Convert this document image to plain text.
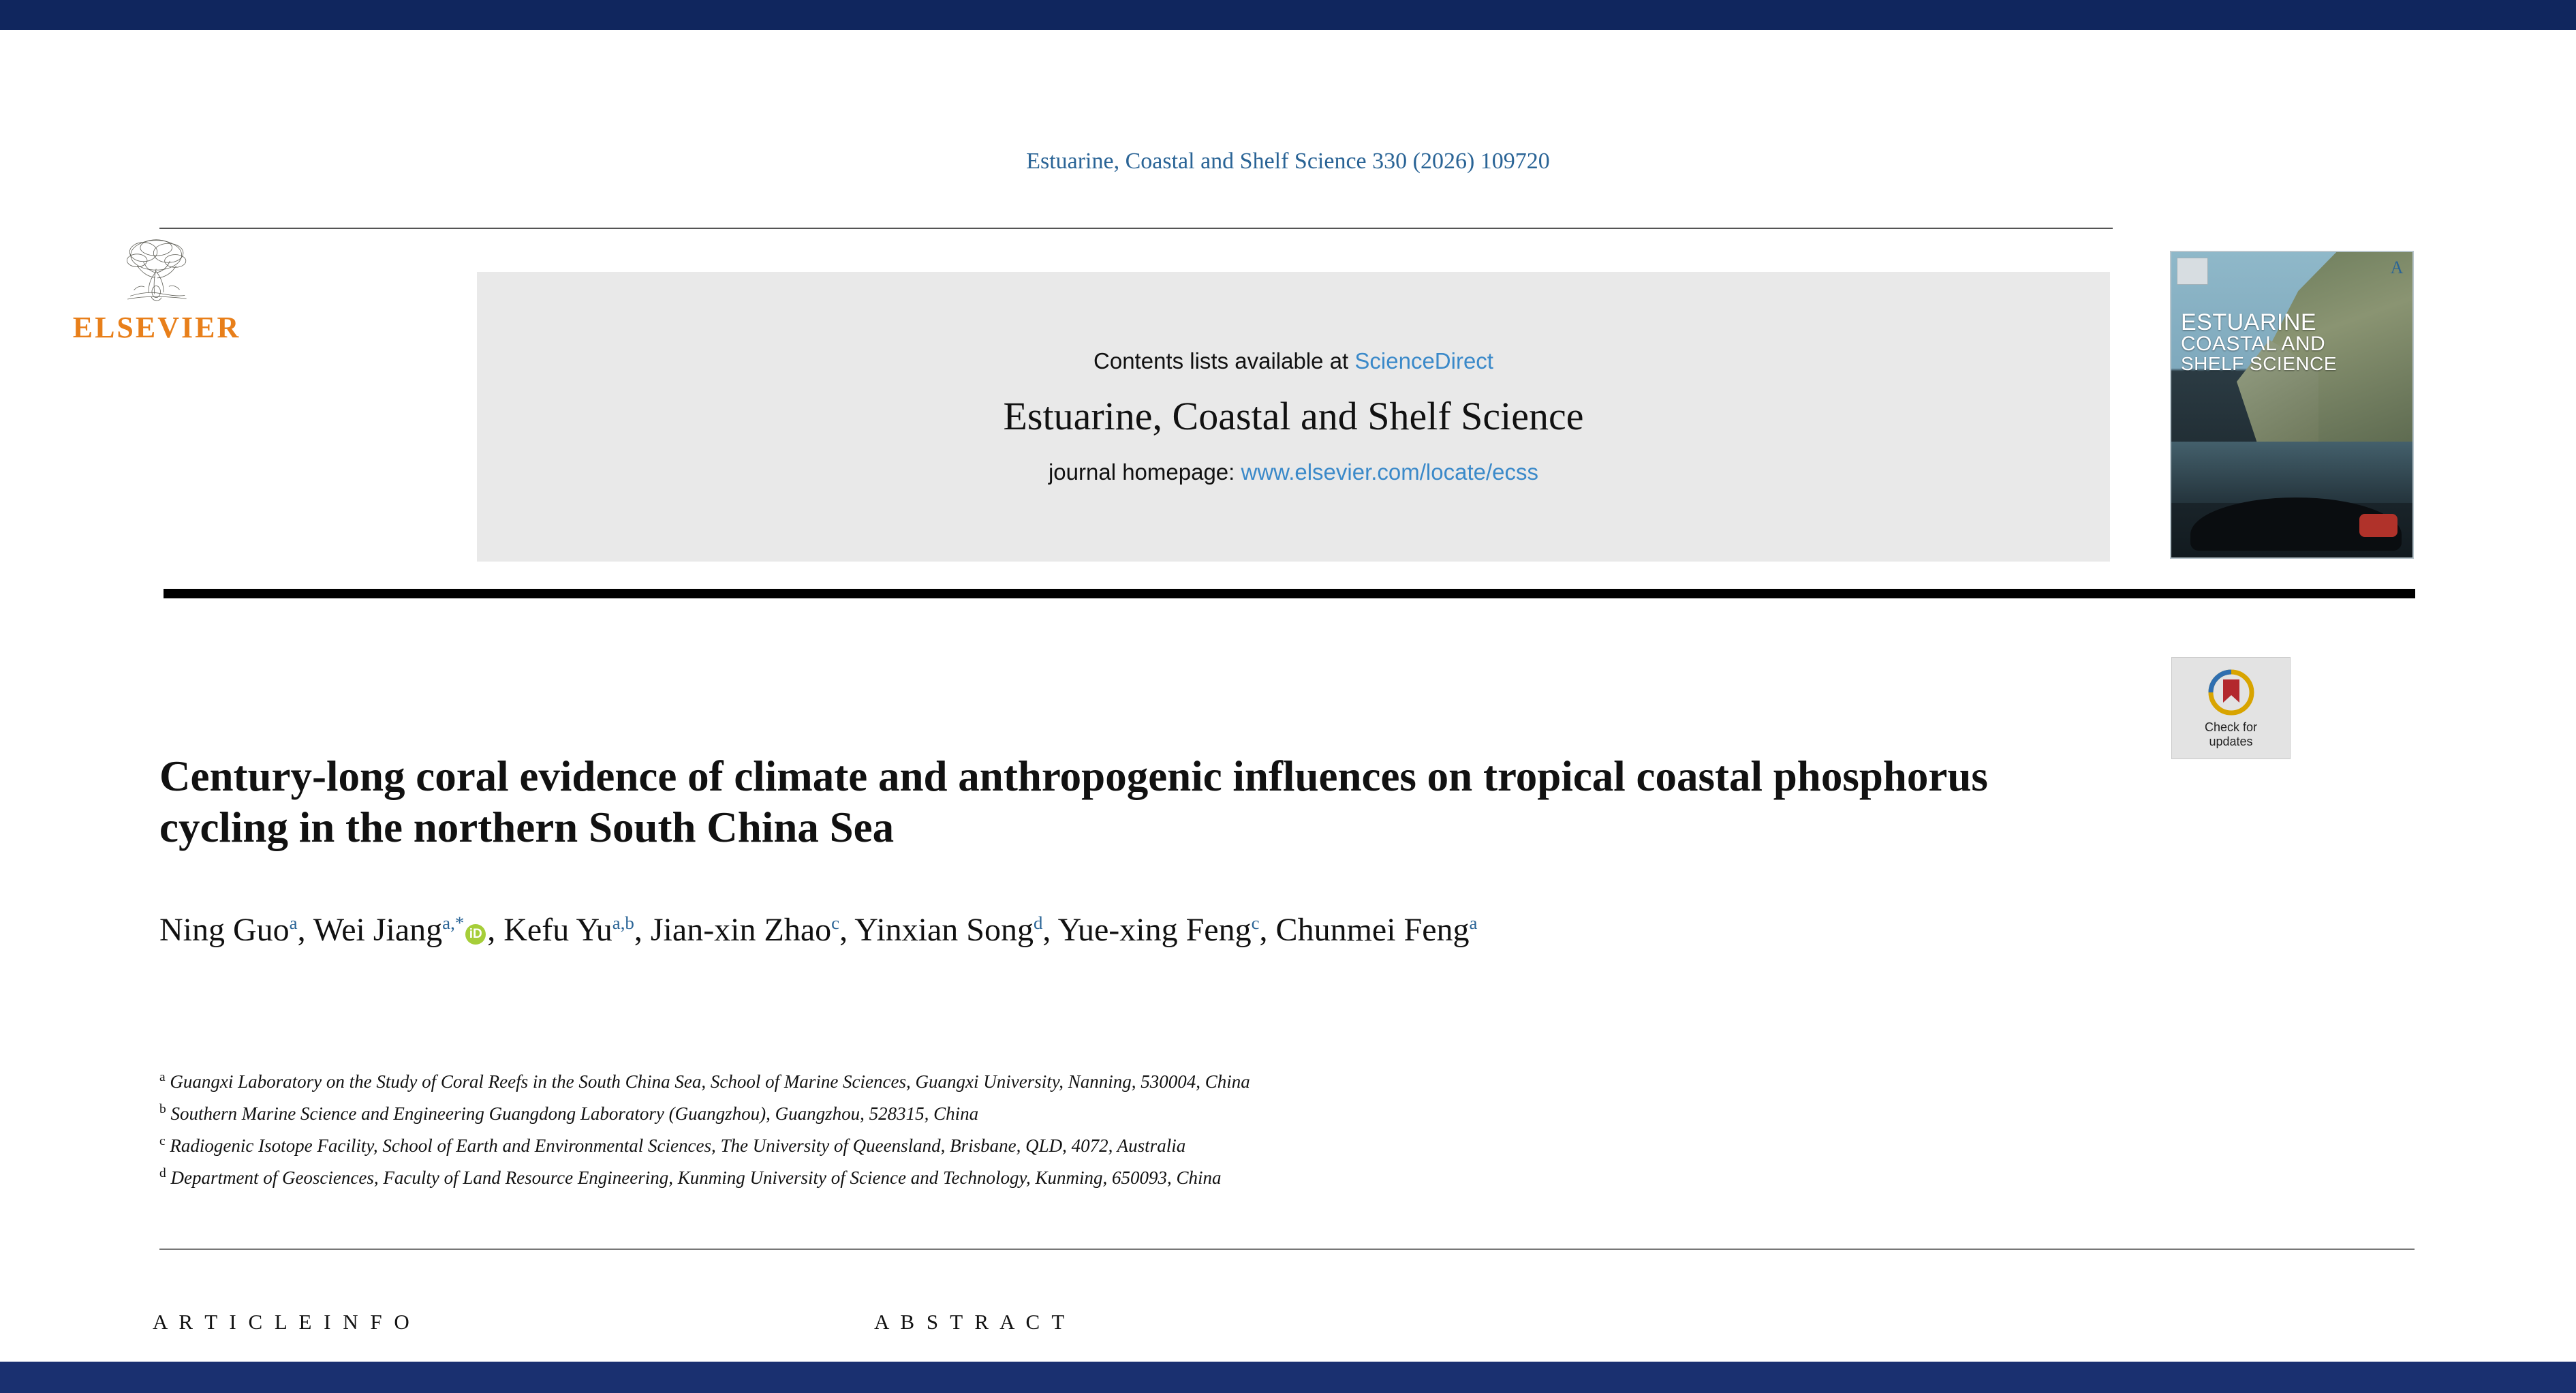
Estuarine, Coastal and Shelf Science 330 (2026) 109720
ELSEVIER
Contents lists available at ScienceDirect
Estuarine, Coastal and Shelf Science
journal homepage: www.elsevier.com/locate/ecss
A
ESTUARINE
COASTAL AND
SHELF SCIENCE
Check for
updates
Century-long coral evidence of climate and anthropogenic influences on tropical coastal phosphorus cycling in the northern South China Sea
Ning Guo$^a$, Wei Jiang$^{a,*}$iD , Kefu Yu$^{a,b}$, Jian-xin Zhao$^c$, Yinxian Song$^d$, Yue-xing Feng$^c$, Chunmei Feng$^a$
$^a$ Guangxi Laboratory on the Study of Coral Reefs in the South China Sea, School of Marine Sciences, Guangxi University, Nanning, 530004, China
$^b$ Southern Marine Science and Engineering Guangdong Laboratory (Guangzhou), Guangzhou, 528315, China
$^c$ Radiogenic Isotope Facility, School of Earth and Environmental Sciences, The University of Queensland, Brisbane, QLD, 4072, Australia
$^d$ Department of Geosciences, Faculty of Land Resource Engineering, Kunming University of Science and Technology, Kunming, 650093, China
A R T I C L E I N F O	A B S T R A C T
